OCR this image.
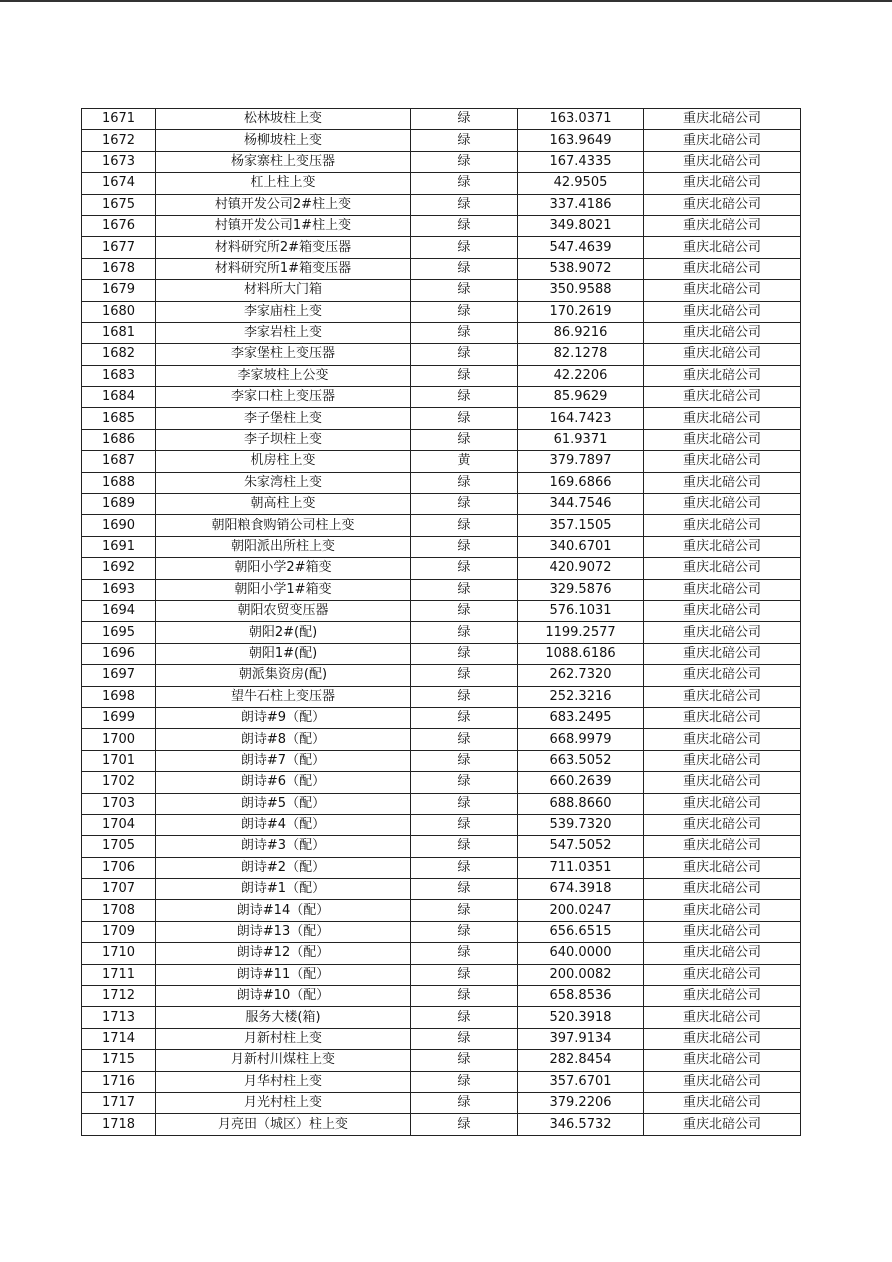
1671	松林坡柱上变	绿	163.0371	重庆北碚公司
1672	杨柳坡柱上变	绿	163.9649	重庆北碚公司
1673	杨家寨柱上变压器	绿	167.4335	重庆北碚公司
1674	杠上柱上变	绿	42.9505	重庆北碚公司
1675	村镇开发公司2#柱上变	绿	337.4186	重庆北碚公司
1676	村镇开发公司1#柱上变	绿	349.8021	重庆北碚公司
1677	材料研究所2#箱变压器	绿	547.4639	重庆北碚公司
1678	材料研究所1#箱变压器	绿	538.9072	重庆北碚公司
1679	材料所大门箱	绿	350.9588	重庆北碚公司
1680	李家庙柱上变	绿	170.2619	重庆北碚公司
1681	李家岩柱上变	绿	86.9216	重庆北碚公司
1682	李家堡柱上变压器	绿	82.1278	重庆北碚公司
1683	李家坡柱上公变	绿	42.2206	重庆北碚公司
1684	李家口柱上变压器	绿	85.9629	重庆北碚公司
1685	李子堡柱上变	绿	164.7423	重庆北碚公司
1686	李子坝柱上变	绿	61.9371	重庆北碚公司
1687	机房柱上变	黄	379.7897	重庆北碚公司
1688	朱家湾柱上变	绿	169.6866	重庆北碚公司
1689	朝高柱上变	绿	344.7546	重庆北碚公司
1690	朝阳粮食购销公司柱上变	绿	357.1505	重庆北碚公司
1691	朝阳派出所柱上变	绿	340.6701	重庆北碚公司
1692	朝阳小学2#箱变	绿	420.9072	重庆北碚公司
1693	朝阳小学1#箱变	绿	329.5876	重庆北碚公司
1694	朝阳农贸变压器	绿	576.1031	重庆北碚公司
1695	朝阳2#(配)	绿	1199.2577	重庆北碚公司
1696	朝阳1#(配)	绿	1088.6186	重庆北碚公司
1697	朝派集资房(配)	绿	262.7320	重庆北碚公司
1698	望牛石柱上变压器	绿	252.3216	重庆北碚公司
1699	朗诗#9（配）	绿	683.2495	重庆北碚公司
1700	朗诗#8（配）	绿	668.9979	重庆北碚公司
1701	朗诗#7（配）	绿	663.5052	重庆北碚公司
1702	朗诗#6（配）	绿	660.2639	重庆北碚公司
1703	朗诗#5（配）	绿	688.8660	重庆北碚公司
1704	朗诗#4（配）	绿	539.7320	重庆北碚公司
1705	朗诗#3（配）	绿	547.5052	重庆北碚公司
1706	朗诗#2（配）	绿	711.0351	重庆北碚公司
1707	朗诗#1（配）	绿	674.3918	重庆北碚公司
1708	朗诗#14（配）	绿	200.0247	重庆北碚公司
1709	朗诗#13（配）	绿	656.6515	重庆北碚公司
1710	朗诗#12（配）	绿	640.0000	重庆北碚公司
1711	朗诗#11（配）	绿	200.0082	重庆北碚公司
1712	朗诗#10（配）	绿	658.8536	重庆北碚公司
1713	服务大楼(箱)	绿	520.3918	重庆北碚公司
1714	月新村柱上变	绿	397.9134	重庆北碚公司
1715	月新村川煤柱上变	绿	282.8454	重庆北碚公司
1716	月华村柱上变	绿	357.6701	重庆北碚公司
1717	月光村柱上变	绿	379.2206	重庆北碚公司
1718	月亮田（城区）柱上变	绿	346.5732	重庆北碚公司
